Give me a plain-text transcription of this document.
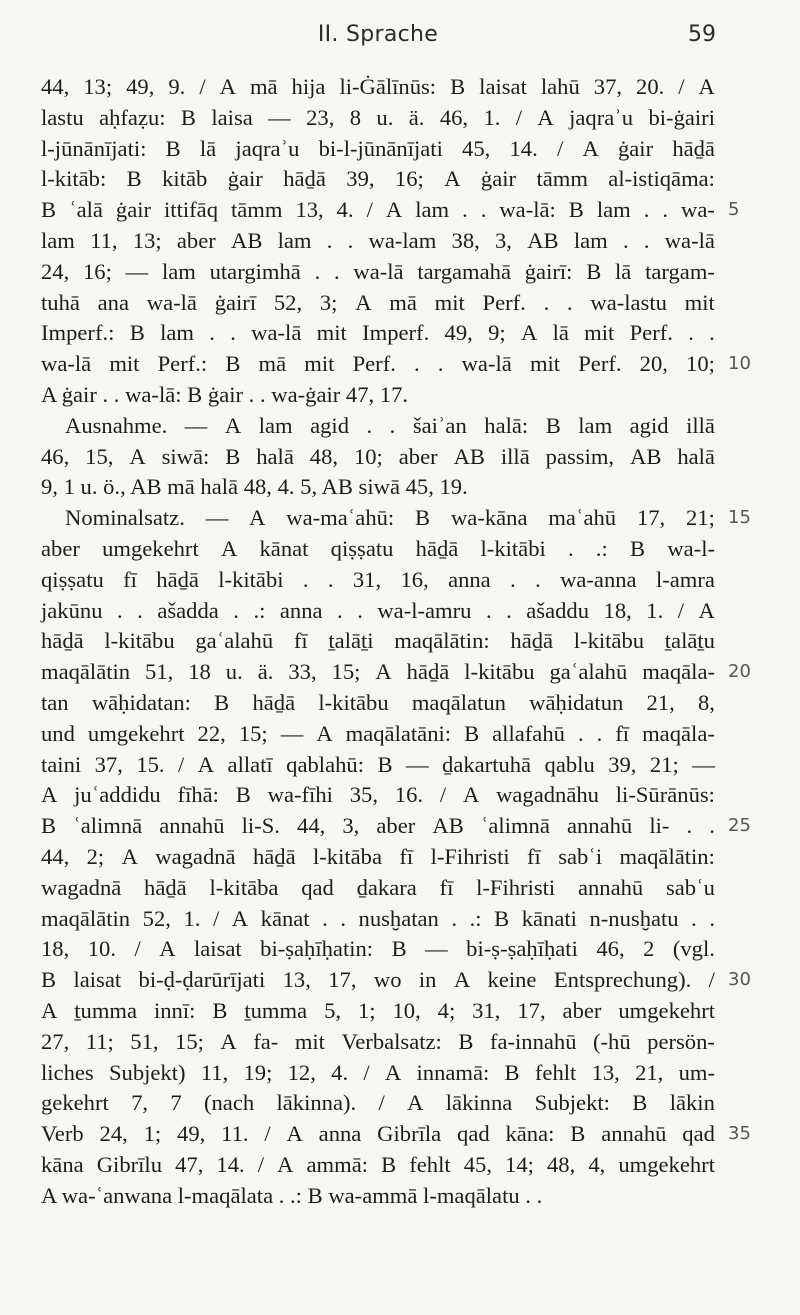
II. Sprache	59
44, 13; 49, 9. / A mā hija li-Ġālīnūs: B laisat lahū 37, 20. / A
lastu aḥfaẓu: B laisa — 23, 8 u. ä. 46, 1. / A jaqraʾu bi-ġairi
l-jūnānījati: B lā jaqraʾu bi-l-jūnānījati 45, 14. / A ġair hāḏā
l-kitāb: B kitāb ġair hāḏā 39, 16; A ġair tāmm al-istiqāma:
B ʿalā ġair ittifāq tāmm 13, 4. / A lam . . wa-lā: B lam . . wa-
lam 11, 13; aber AB lam . . wa-lam 38, 3, AB lam . . wa-lā
24, 16; — lam utargimhā . . wa-lā targamahā ġairī: B lā targam-
tuhā ana wa-lā ġairī 52, 3; A mā mit Perf. . . wa-lastu mit
Imperf.: B lam . . wa-lā mit Imperf. 49, 9; A lā mit Perf. . .
wa-lā mit Perf.: B mā mit Perf. . . wa-lā mit Perf. 20, 10;
A ġair . . wa-lā: B ġair . . wa-ġair 47, 17.
Ausnahme. — A lam agid . . šaiʾan halā: B lam agid illā
46, 15, A siwā: B halā 48, 10; aber AB illā passim, AB halā
9, 1 u. ö., AB mā halā 48, 4. 5, AB siwā 45, 19.
Nominalsatz. — A wa-maʿahū: B wa-kāna maʿahū 17, 21;
aber umgekehrt A kānat qiṣṣatu hāḏā l-kitābi . .: B wa-l-
qiṣṣatu fī hāḏā l-kitābi . . 31, 16, anna . . wa-anna l-amra
jakūnu . . ašadda . .: anna . . wa-l-amru . . ašaddu 18, 1. / A
hāḏā l-kitābu gaʿalahū fī ṯalāṯi maqālātin: hāḏā l-kitābu ṯalāṯu
maqālātin 51, 18 u. ä. 33, 15; A hāḏā l-kitābu gaʿalahū maqāla-
tan wāḥidatan: B hāḏā l-kitābu maqālatun wāḥidatun 21, 8,
und umgekehrt 22, 15; — A maqālatāni: B allafahū . . fī maqāla-
taini 37, 15. / A allatī qablahū: B — ḏakartuhā qablu 39, 21; —
A juʿaddidu fīhā: B wa-fīhi 35, 16. / A wagadnāhu li-Sūrānūs:
B ʿalimnā annahū li-S. 44, 3, aber AB ʿalimnā annahū li- . .
44, 2; A wagadnā hāḏā l-kitāba fī l-Fihristi fī sabʿi maqālātin:
wagadnā hāḏā l-kitāba qad ḏakara fī l-Fihristi annahū sabʿu
maqālātin 52, 1. / A kānat . . nusḫatan . .: B kānati n-nusḫatu . .
18, 10. / A laisat bi-ṣaḥīḥatin: B — bi-ṣ-ṣaḥīḥati 46, 2 (vgl.
B laisat bi-ḍ-ḍarūrījati 13, 17, wo in A keine Entsprechung). /
A ṯumma innī: B ṯumma 5, 1; 10, 4; 31, 17, aber umgekehrt
27, 11; 51, 15; A fa- mit Verbalsatz: B fa-innahū (-hū persön-
liches Subjekt) 11, 19; 12, 4. / A innamā: B fehlt 13, 21, um-
gekehrt 7, 7 (nach lākinna). / A lākinna Subjekt: B lākin
Verb 24, 1; 49, 11. / A anna Gibrīla qad kāna: B annahū qad
kāna Gibrīlu 47, 14. / A ammā: B fehlt 45, 14; 48, 4, umgekehrt
A wa-ʿanwana l-maqālata . .: B wa-ammā l-maqālatu . .
5
10
15
20
25
30
35
